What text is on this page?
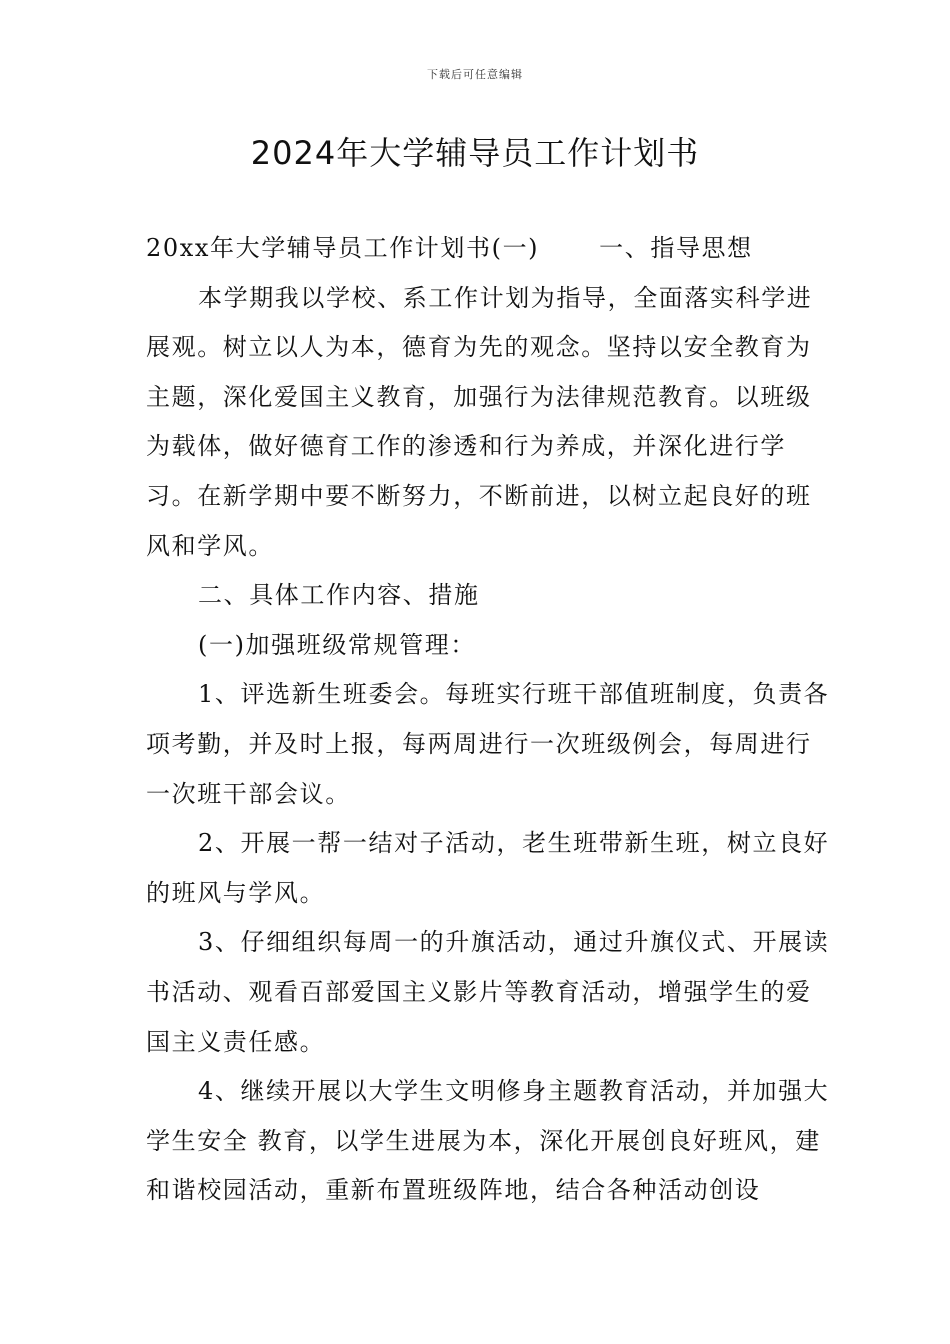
下载后可任意编辑
2024年大学辅导员工作计划书

20xx年大学辅导员工作计划书(一)	一、指导思想

本学期我以学校、系工作计划为指导，全面落实科学进展观。树立以人为本，德育为先的观念。坚持以安全教育为主题，深化爱国主义教育，加强行为法律规范教育。以班级为载体，做好德育工作的渗透和行为养成，并深化进行学习。在新学期中要不断努力，不断前进，以树立起良好的班风和学风。

二、具体工作内容、措施

(一)加强班级常规管理：

1、评选新生班委会。每班实行班干部值班制度，负责各项考勤，并及时上报，每两周进行一次班级例会，每周进行一次班干部会议。

2、开展一帮一结对子活动，老生班带新生班，树立良好的班风与学风。

3、仔细组织每周一的升旗活动，通过升旗仪式、开展读书活动、观看百部爱国主义影片等教育活动，增强学生的爱国主义责任感。

4、继续开展以大学生文明修身主题教育活动，并加强大学生安全 教育，以学生进展为本，深化开展创良好班风，建和谐校园活动，重新布置班级阵地，结合各种活动创设
